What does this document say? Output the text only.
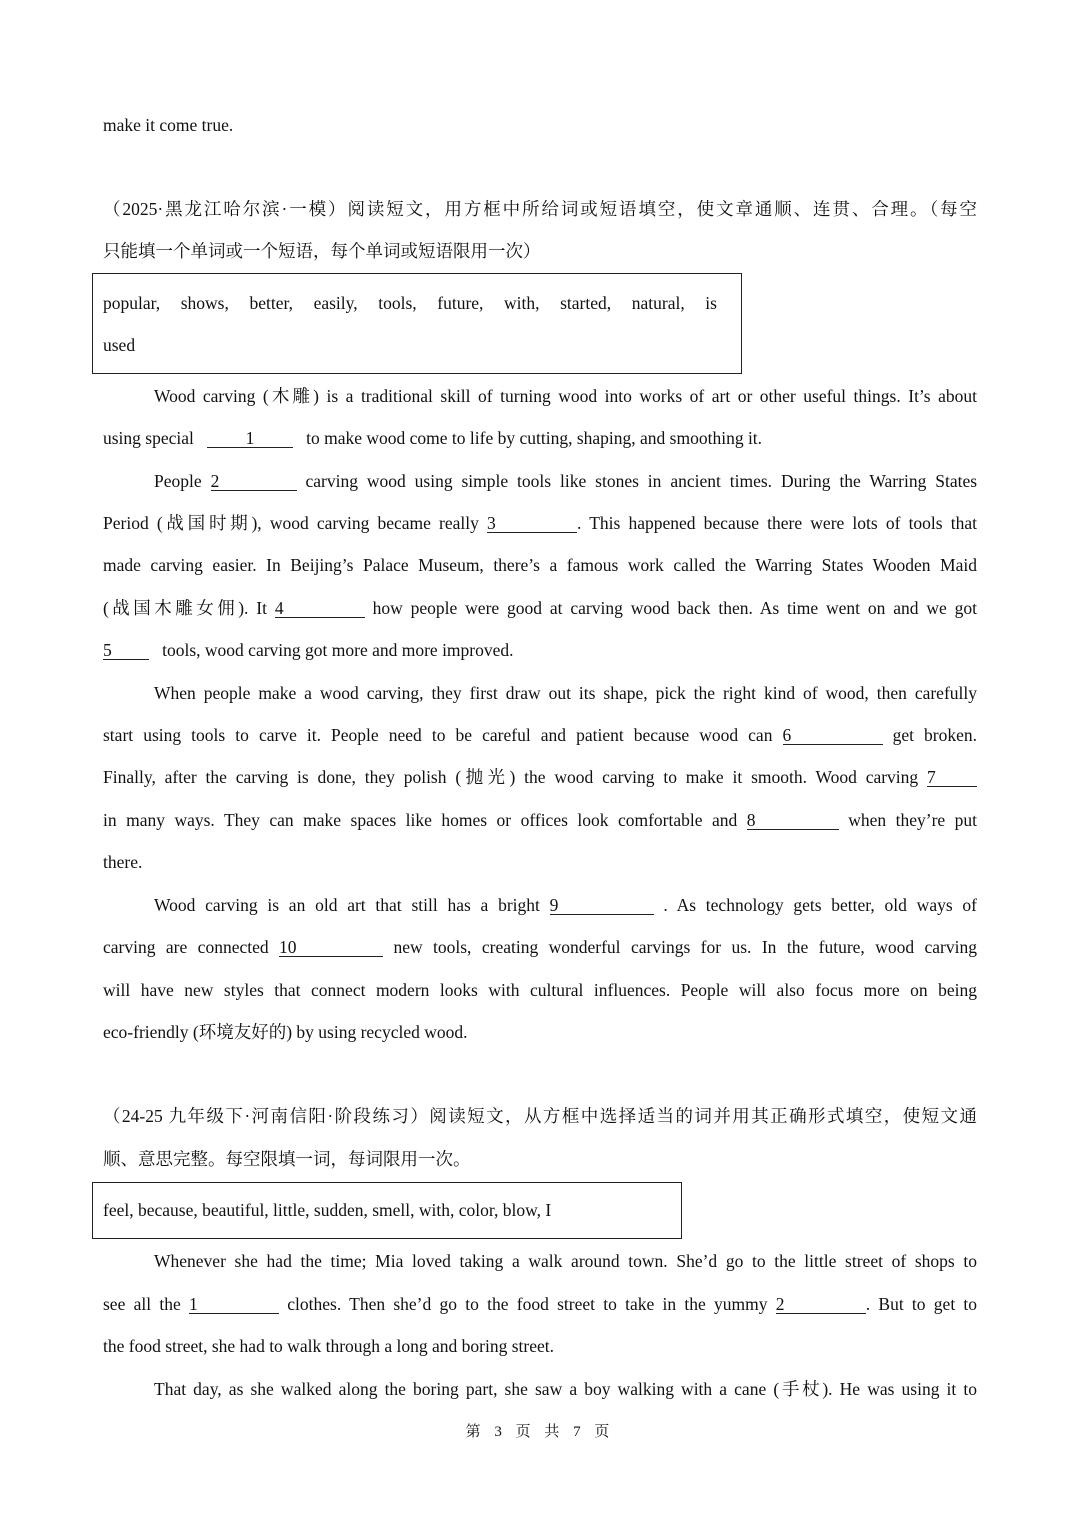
make it come true.
（2025·黑龙江哈尔滨·一模）阅读短文，用方框中所给词或短语填空，使文章通顺、连贯、合理。（每空
只能填一个单词或一个短语，每个单词或短语限用一次）
popular, shows, better, easily, tools, future, with, started, natural, is
used
Wood carving (木雕) is a traditional skill of turning wood into works of art or other useful things. It’s about
using special	1	to make wood come to life by cutting, shaping, and smoothing it.
People 2	carving wood using simple tools like stones in ancient times. During the Warring States
Period (战国时期), wood carving became really 3	. This happened because there were lots of tools that
made carving easier. In Beijing’s Palace Museum, there’s a famous work called the Warring States Wooden Maid
(战国木雕女佣). It 4	how people were good at carving wood back then. As time went on and we got
5	tools, wood carving got more and more improved.
When people make a wood carving, they first draw out its shape, pick the right kind of wood, then carefully
start using tools to carve it. People need to be careful and patient because wood can 6	get broken.
Finally, after the carving is done, they polish (抛光) the wood carving to make it smooth. Wood carving 7
in many ways. They can make spaces like homes or offices look comfortable and 8	when they’re put
there.
Wood carving is an old art that still has a bright 9	. As technology gets better, old ways of
carving are connected 10	new tools, creating wonderful carvings for us. In the future, wood carving
will have new styles that connect modern looks with cultural influences. People will also focus more on being
eco-friendly (环境友好的) by using recycled wood.
（24-25 九年级下·河南信阳·阶段练习）阅读短文，从方框中选择适当的词并用其正确形式填空，使短文通
顺、意思完整。每空限填一词，每词限用一次。
feel, because, beautiful, little, sudden, smell, with, color, blow, I
Whenever she had the time; Mia loved taking a walk around town. She’d go to the little street of shops to
see all the 1	clothes. Then she’d go to the food street to take in the yummy 2	. But to get to
the food street, she had to walk through a long and boring street.
That day, as she walked along the boring part, she saw a boy walking with a cane (手杖). He was using it to
第 3 页 共 7 页
